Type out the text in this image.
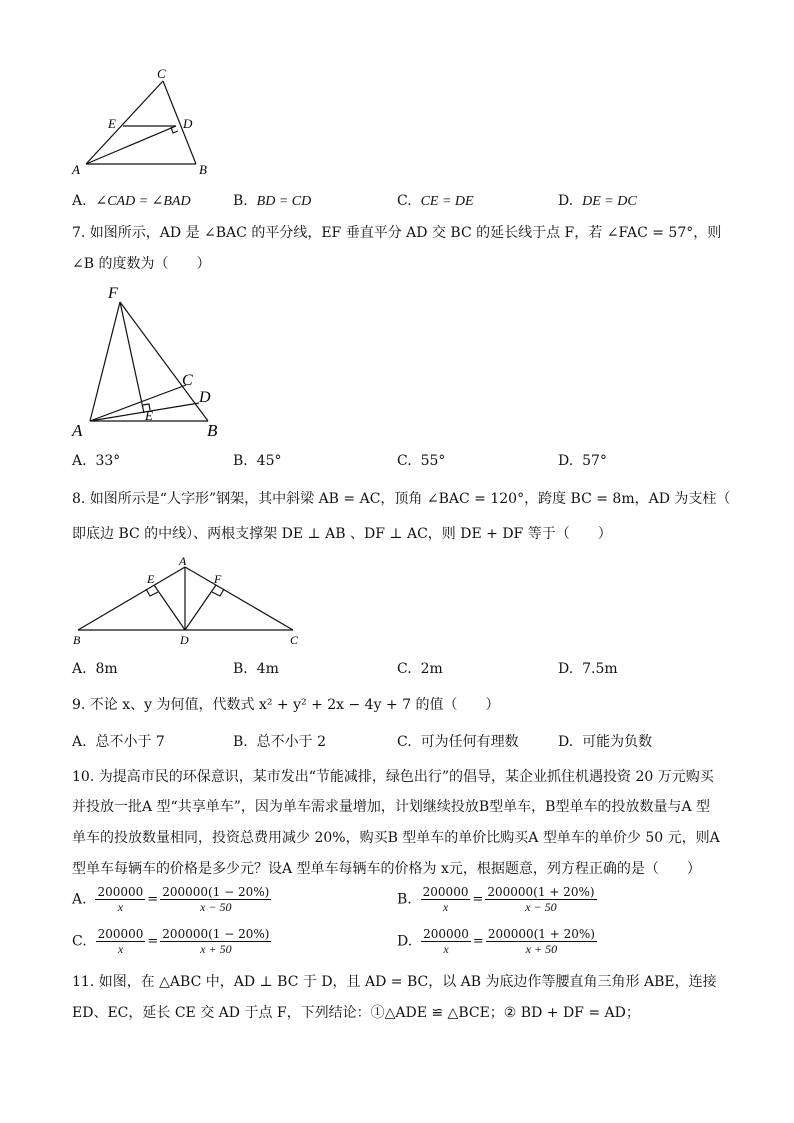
C
E	D
A	B
A. ∠CAD = ∠BAD	B. BD = CD	C. CE = DE	D. DE = DC
7. 如图所示，AD 是 ∠BAC 的平分线，EF 垂直平分 AD 交 BC 的延长线于点 F，若 ∠FAC = 57°，则
∠B 的度数为（　　）
F
C
D
A
E
B
A. 33°	B. 45°	C. 55°	D. 57°
8. 如图所示是“人字形”钢架，其中斜梁 AB = AC，顶角 ∠BAC = 120°，跨度 BC = 8m，AD 为支柱（
即底边 BC 的中线）、两根支撑架 DE ⊥ AB 、DF ⊥ AC，则 DE + DF 等于（　　）
A
E	F
B	D	C
A. 8m	B. 4m	C. 2m	D. 7.5m
9. 不论 x、y 为何值，代数式 x² + y² + 2x − 4y + 7 的值（　　）
A. 总不小于 7	B. 总不小于 2	C. 可为任何有理数	D. 可能为负数
10. 为提高市民的环保意识，某市发出“节能减排，绿色出行”的倡导，某企业抓住机遇投资 20 万元购买
并投放一批A 型“共享单车”，因为单车需求量增加，计划继续投放B型单车，B型单车的投放数量与A 型
单车的投放数量相同，投资总费用减少 20%，购买B 型单车的单价比购买A 型单车的单价少 50 元，则A
型单车每辆车的价格是多少元？设A 型单车每辆车的价格为 x元，根据题意，列方程正确的是（　　）
A. $\frac{200000}{x} = \frac{200000(1 - 20\%)}{x - 50}$	B. $\frac{200000}{x} = \frac{200000(1 + 20\%)}{x - 50}$
C. $\frac{200000}{x} = \frac{200000(1 - 20\%)}{x + 50}$	D. $\frac{200000}{x} = \frac{200000(1 + 20\%)}{x + 50}$
11. 如图，在 △ABC 中，AD ⊥ BC 于 D，且 AD = BC，以 AB 为底边作等腰直角三角形 ABE，连接
ED、EC，延长 CE 交 AD 于点 F，下列结论：①△ADE ≌ △BCE；② BD + DF = AD；
